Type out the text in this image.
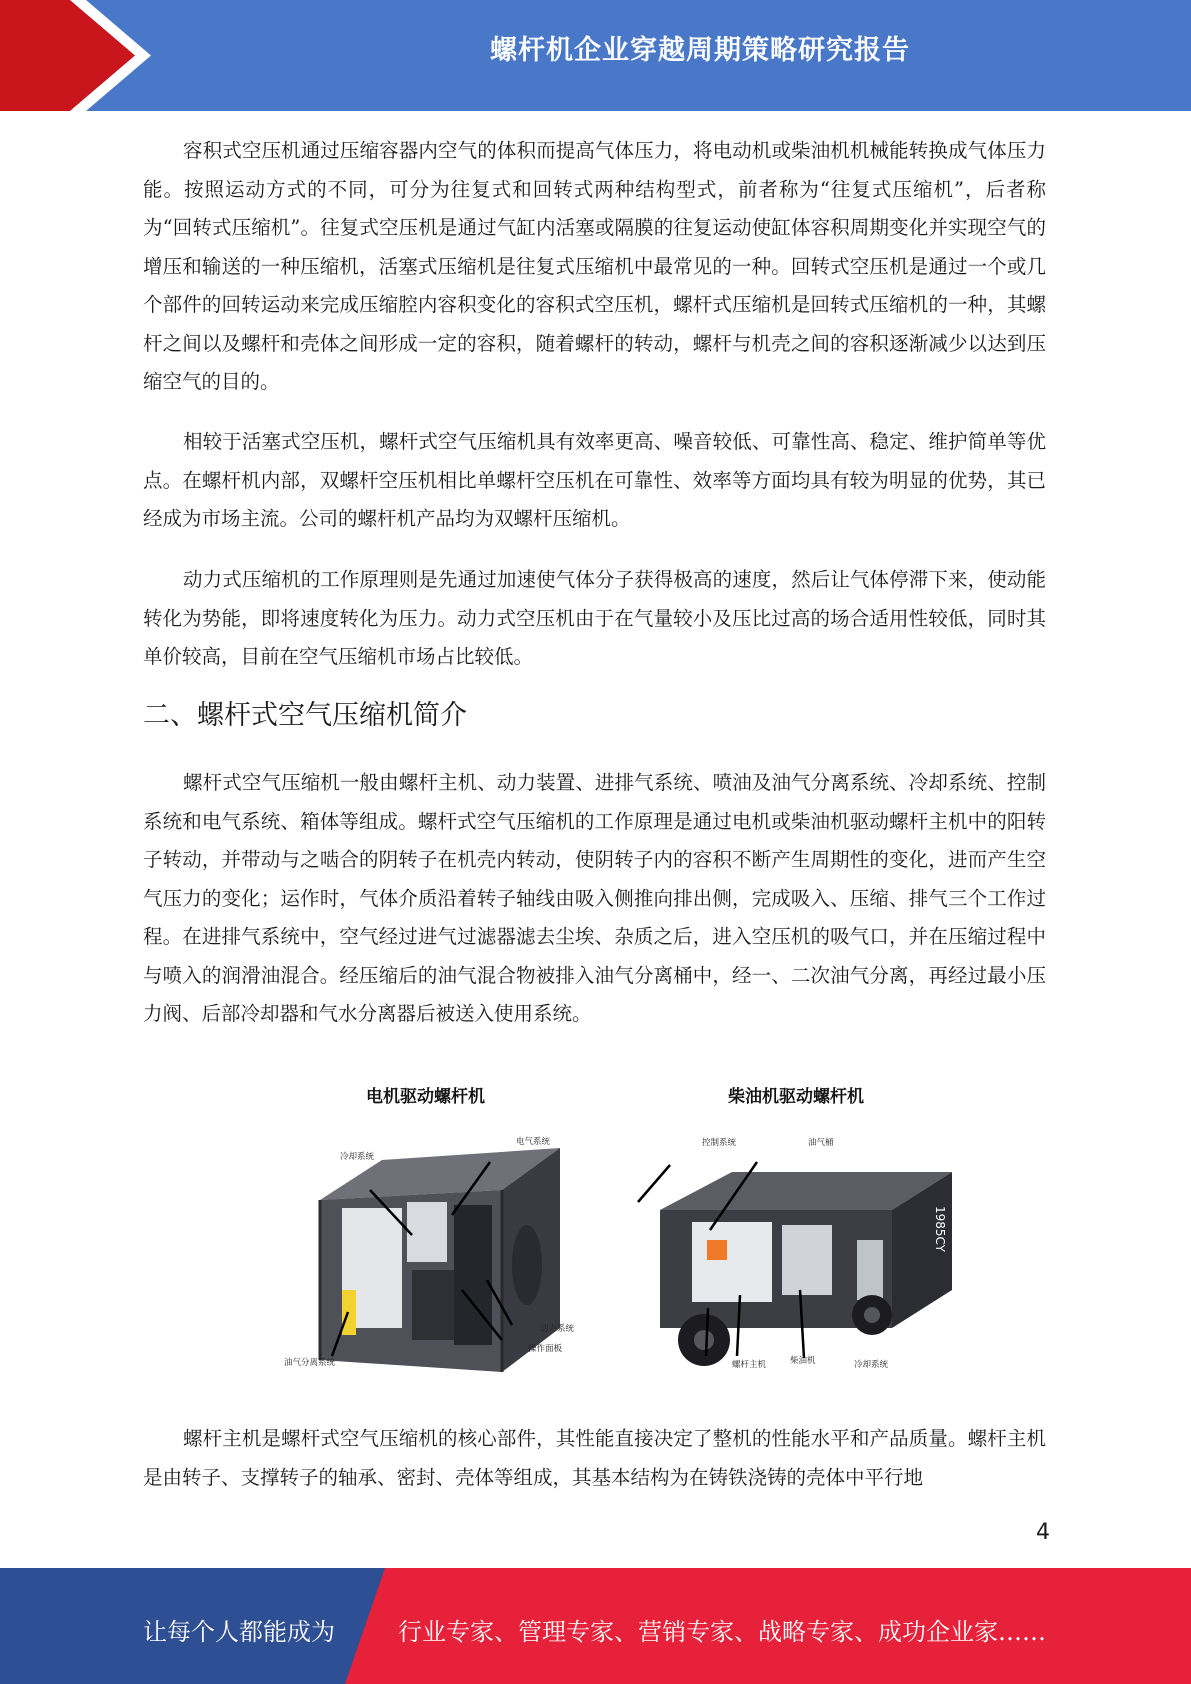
螺杆机企业穿越周期策略研究报告

容积式空压机通过压缩容器内空气的体积而提高气体压力，将电动机或柴油机机械能转换成气体压力能。按照运动方式的不同，可分为往复式和回转式两种结构型式，前者称为“往复式压缩机”，后者称为“回转式压缩机”。往复式空压机是通过气缸内活塞或隔膜的往复运动使缸体容积周期变化并实现空气的增压和输送的一种压缩机，活塞式压缩机是往复式压缩机中最常见的一种。回转式空压机是通过一个或几个部件的回转运动来完成压缩腔内容积变化的容积式空压机，螺杆式压缩机是回转式压缩机的一种，其螺杆之间以及螺杆和壳体之间形成一定的容积，随着螺杆的转动，螺杆与机壳之间的容积逐渐减少以达到压缩空气的目的。

相较于活塞式空压机，螺杆式空气压缩机具有效率更高、噪音较低、可靠性高、稳定、维护简单等优点。在螺杆机内部，双螺杆空压机相比单螺杆空压机在可靠性、效率等方面均具有较为明显的优势，其已经成为市场主流。公司的螺杆机产品均为双螺杆压缩机。

动力式压缩机的工作原理则是先通过加速使气体分子获得极高的速度，然后让气体停滞下来，使动能转化为势能，即将速度转化为压力。动力式空压机由于在气量较小及压比过高的场合适用性较低，同时其单价较高，目前在空气压缩机市场占比较低。

二、螺杆式空气压缩机简介

螺杆式空气压缩机一般由螺杆主机、动力装置、进排气系统、喷油及油气分离系统、冷却系统、控制系统和电气系统、箱体等组成。螺杆式空气压缩机的工作原理是通过电机或柴油机驱动螺杆主机中的阳转子转动，并带动与之啮合的阴转子在机壳内转动，使阴转子内的容积不断产生周期性的变化，进而产生空气压力的变化；运作时，气体介质沿着转子轴线由吸入侧推向排出侧，完成吸入、压缩、排气三个工作过程。在进排气系统中，空气经过进气过滤器滤去尘埃、杂质之后，进入空压机的吸气口，并在压缩过程中与喷入的润滑油混合。经压缩后的油气混合物被排入油气分离桶中，经一、二次油气分离，再经过最小压力阀、后部冷却器和气水分离器后被送入使用系统。

电机驱动螺杆机	柴油机驱动螺杆机
冷却系统
电气系统
动力系统
操作面板
油气分离系统
控制系统	油气桶
螺杆主机	柴油机	冷却系统
1985CY

螺杆主机是螺杆式空气压缩机的核心部件，其性能直接决定了整机的性能水平和产品质量。螺杆主机是由转子、支撑转子的轴承、密封、壳体等组成，其基本结构为在铸铁浇铸的壳体中平行地

4
让每个人都能成为	行业专家、管理专家、营销专家、战略专家、成功企业家……
